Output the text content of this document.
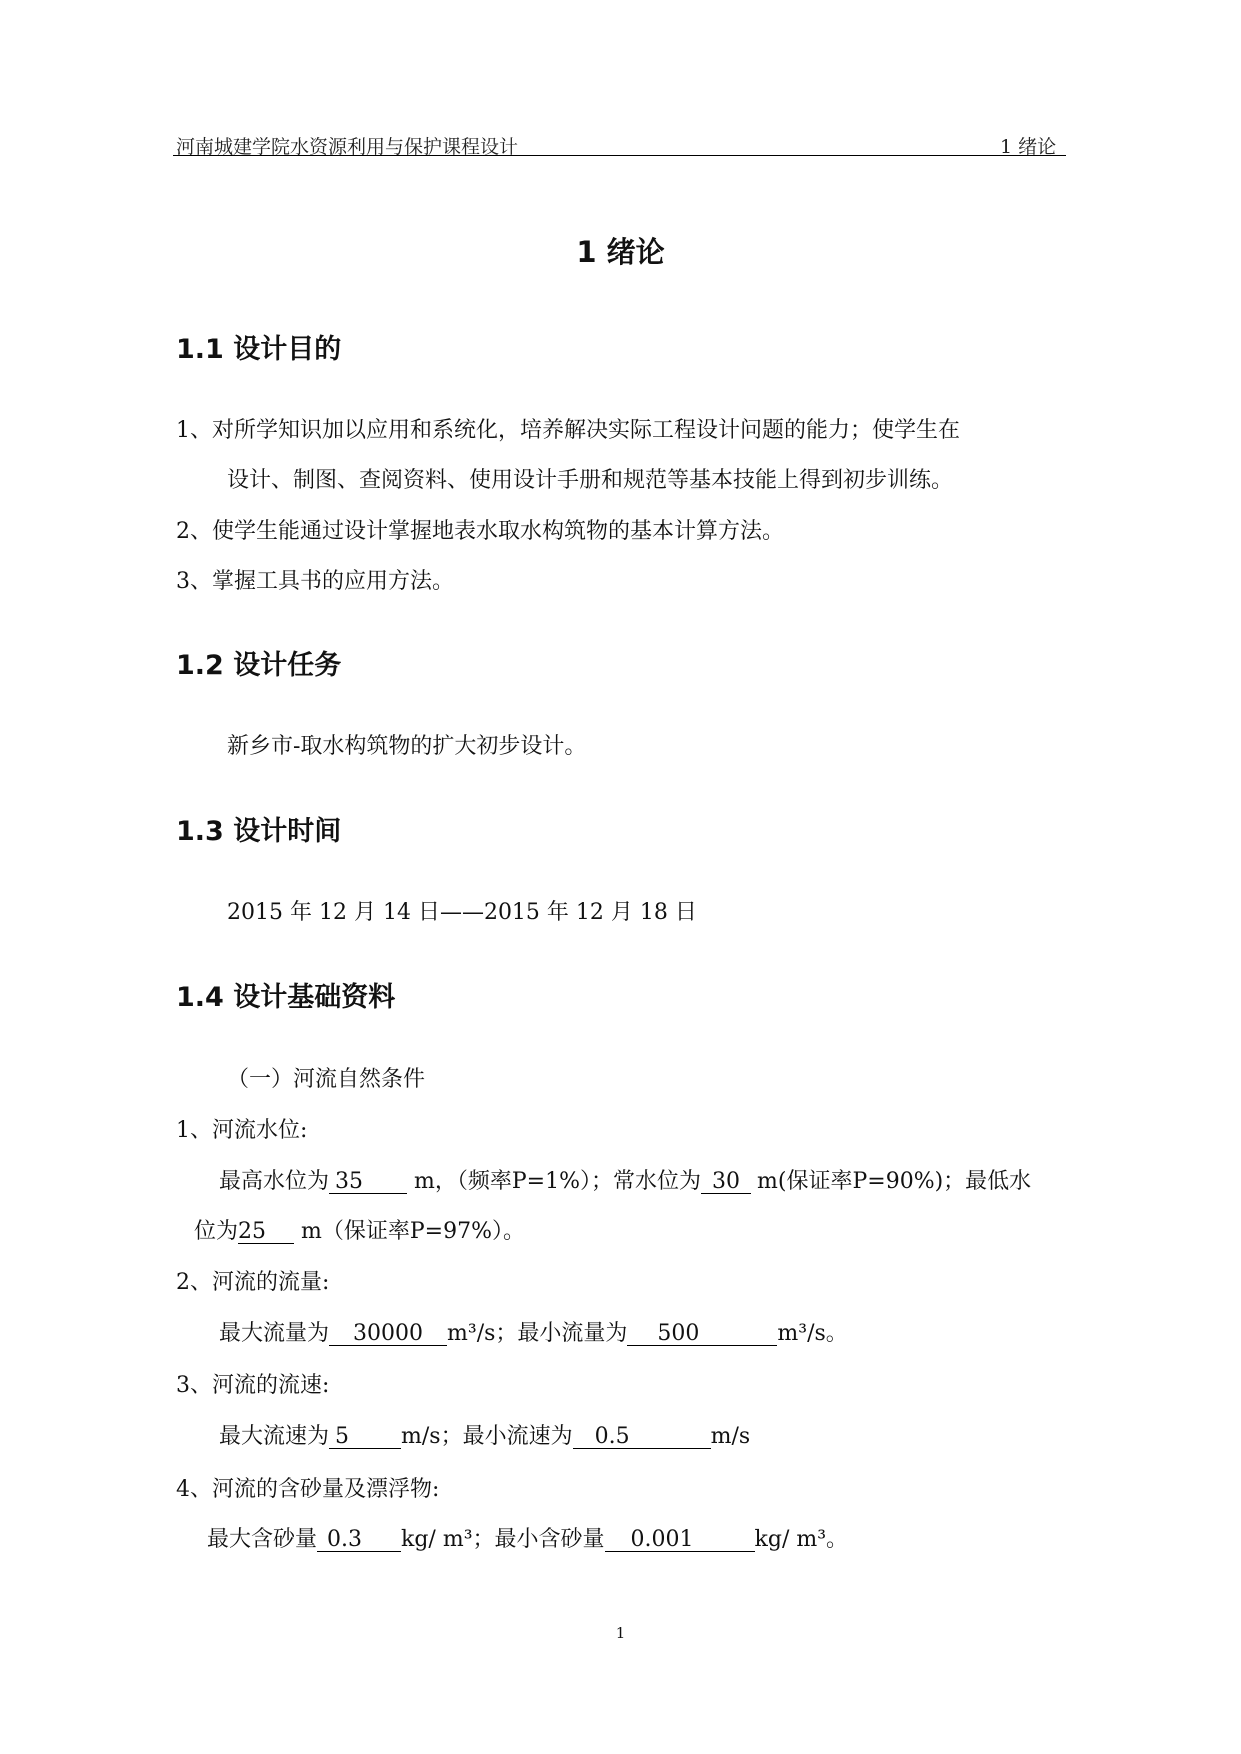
河南城建学院水资源利用与保护课程设计	1 绪论
1 绪论
1.1 设计目的
1、对所学知识加以应用和系统化，培养解决实际工程设计问题的能力；使学生在
设计、制图、查阅资料、使用设计手册和规范等基本技能上得到初步训练。
2、使学生能通过设计掌握地表水取水构筑物的基本计算方法。
3、掌握工具书的应用方法。
1.2 设计任务
新乡市-取水构筑物的扩大初步设计。
1.3 设计时间
2015 年 12 月 14 日——2015 年 12 月 18 日
1.4 设计基础资料
（一）河流自然条件
1、河流水位:
最高水位为 35 m，（频率P=1%）；常水位为 30 m(保证率P=90%)；最低水
位为25 m（保证率P=97%）。
2、河流的流量:
最大流量为 30000 m³/s；最小流量为 500	m³/s。
3、河流的流速:
最大流速为 5 m/s；最小流速为 0.5	m/s
4、河流的含砂量及漂浮物:
最大含砂量 0.3 kg/ m³；最小含砂量 0.001	kg/ m³。
1
